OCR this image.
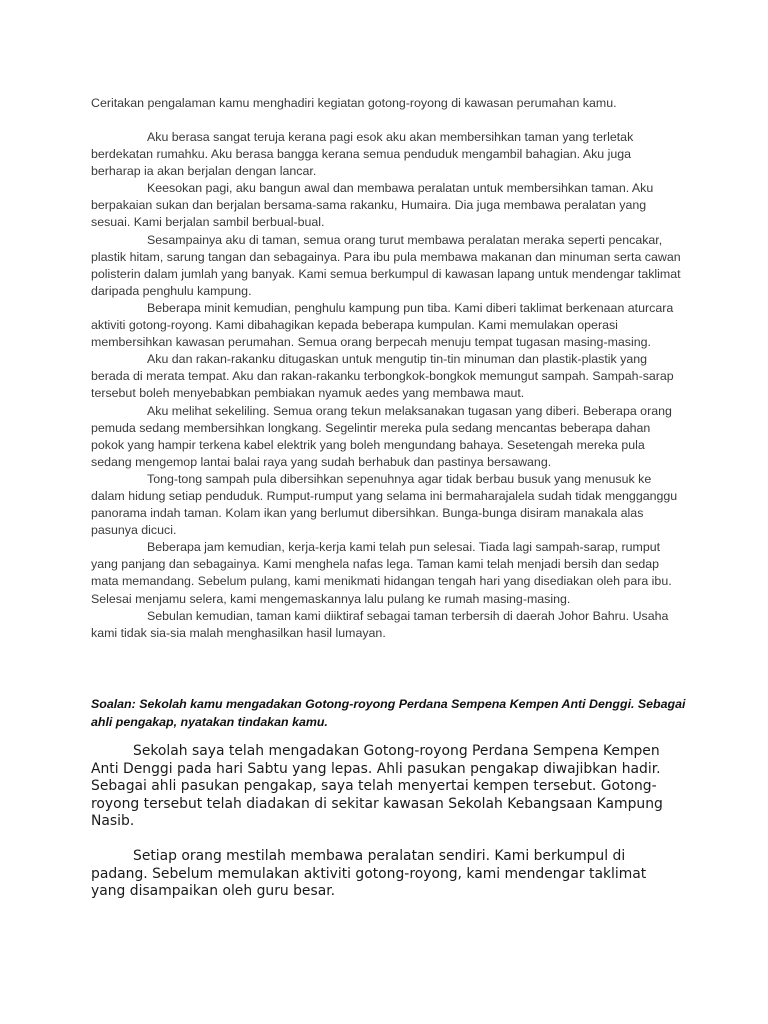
Ceritakan pengalaman kamu menghadiri kegiatan gotong-royong di kawasan perumahan kamu.

Aku berasa sangat teruja kerana pagi esok aku akan membersihkan taman yang terletak berdekatan rumahku. Aku berasa bangga kerana semua penduduk mengambil bahagian. Aku juga berharap ia akan berjalan dengan lancar.

Keesokan pagi, aku bangun awal dan membawa peralatan untuk membersihkan taman. Aku berpakaian sukan dan berjalan bersama-sama rakanku, Humaira. Dia juga membawa peralatan yang sesuai. Kami berjalan sambil berbual-bual.

Sesampainya aku di taman, semua orang turut membawa peralatan meraka seperti pencakar, plastik hitam, sarung tangan dan sebagainya. Para ibu pula membawa makanan dan minuman serta cawan polisterin dalam jumlah yang banyak. Kami semua berkumpul di kawasan lapang untuk mendengar taklimat daripada penghulu kampung.

Beberapa minit kemudian, penghulu kampung pun tiba. Kami diberi taklimat berkenaan aturcara aktiviti gotong-royong. Kami dibahagikan kepada beberapa kumpulan. Kami memulakan operasi membersihkan kawasan perumahan. Semua orang berpecah menuju tempat tugasan masing-masing.

Aku dan rakan-rakanku ditugaskan untuk mengutip tin-tin minuman dan plastik-plastik yang berada di merata tempat. Aku dan rakan-rakanku terbongkok-bongkok memungut sampah. Sampah-sarap tersebut boleh menyebabkan pembiakan nyamuk aedes yang membawa maut.

Aku melihat sekeliling. Semua orang tekun melaksanakan tugasan yang diberi. Beberapa orang pemuda sedang membersihkan longkang. Segelintir mereka pula sedang mencantas beberapa dahan pokok yang hampir terkena kabel elektrik yang boleh mengundang bahaya. Sesetengah mereka pula sedang mengemop lantai balai raya yang sudah berhabuk dan pastinya bersawang.

Tong-tong sampah pula dibersihkan sepenuhnya agar tidak berbau busuk yang menusuk ke dalam hidung setiap penduduk. Rumput-rumput yang selama ini bermaharajalela sudah tidak mengganggu panorama indah taman. Kolam ikan yang berlumut dibersihkan. Bunga-bunga disiram manakala alas pasunya dicuci.

Beberapa jam kemudian, kerja-kerja kami telah pun selesai. Tiada lagi sampah-sarap, rumput yang panjang dan sebagainya. Kami menghela nafas lega. Taman kami telah menjadi bersih dan sedap mata memandang. Sebelum pulang, kami menikmati hidangan tengah hari yang disediakan oleh para ibu. Selesai menjamu selera, kami mengemaskannya lalu pulang ke rumah masing-masing.

Sebulan kemudian, taman kami diiktiraf sebagai taman terbersih di daerah Johor Bahru. Usaha kami tidak sia-sia malah menghasilkan hasil lumayan.

Soalan: Sekolah kamu mengadakan Gotong-royong Perdana Sempena Kempen Anti Denggi. Sebagai ahli pengakap, nyatakan tindakan kamu.

Sekolah saya telah mengadakan Gotong-royong Perdana Sempena Kempen Anti Denggi pada hari Sabtu yang lepas. Ahli pasukan pengakap diwajibkan hadir. Sebagai ahli pasukan pengakap, saya telah menyertai kempen tersebut. Gotong-royong tersebut telah diadakan di sekitar kawasan Sekolah Kebangsaan Kampung Nasib.

Setiap orang mestilah membawa peralatan sendiri. Kami berkumpul di padang. Sebelum memulakan aktiviti gotong-royong, kami mendengar taklimat yang disampaikan oleh guru besar.
